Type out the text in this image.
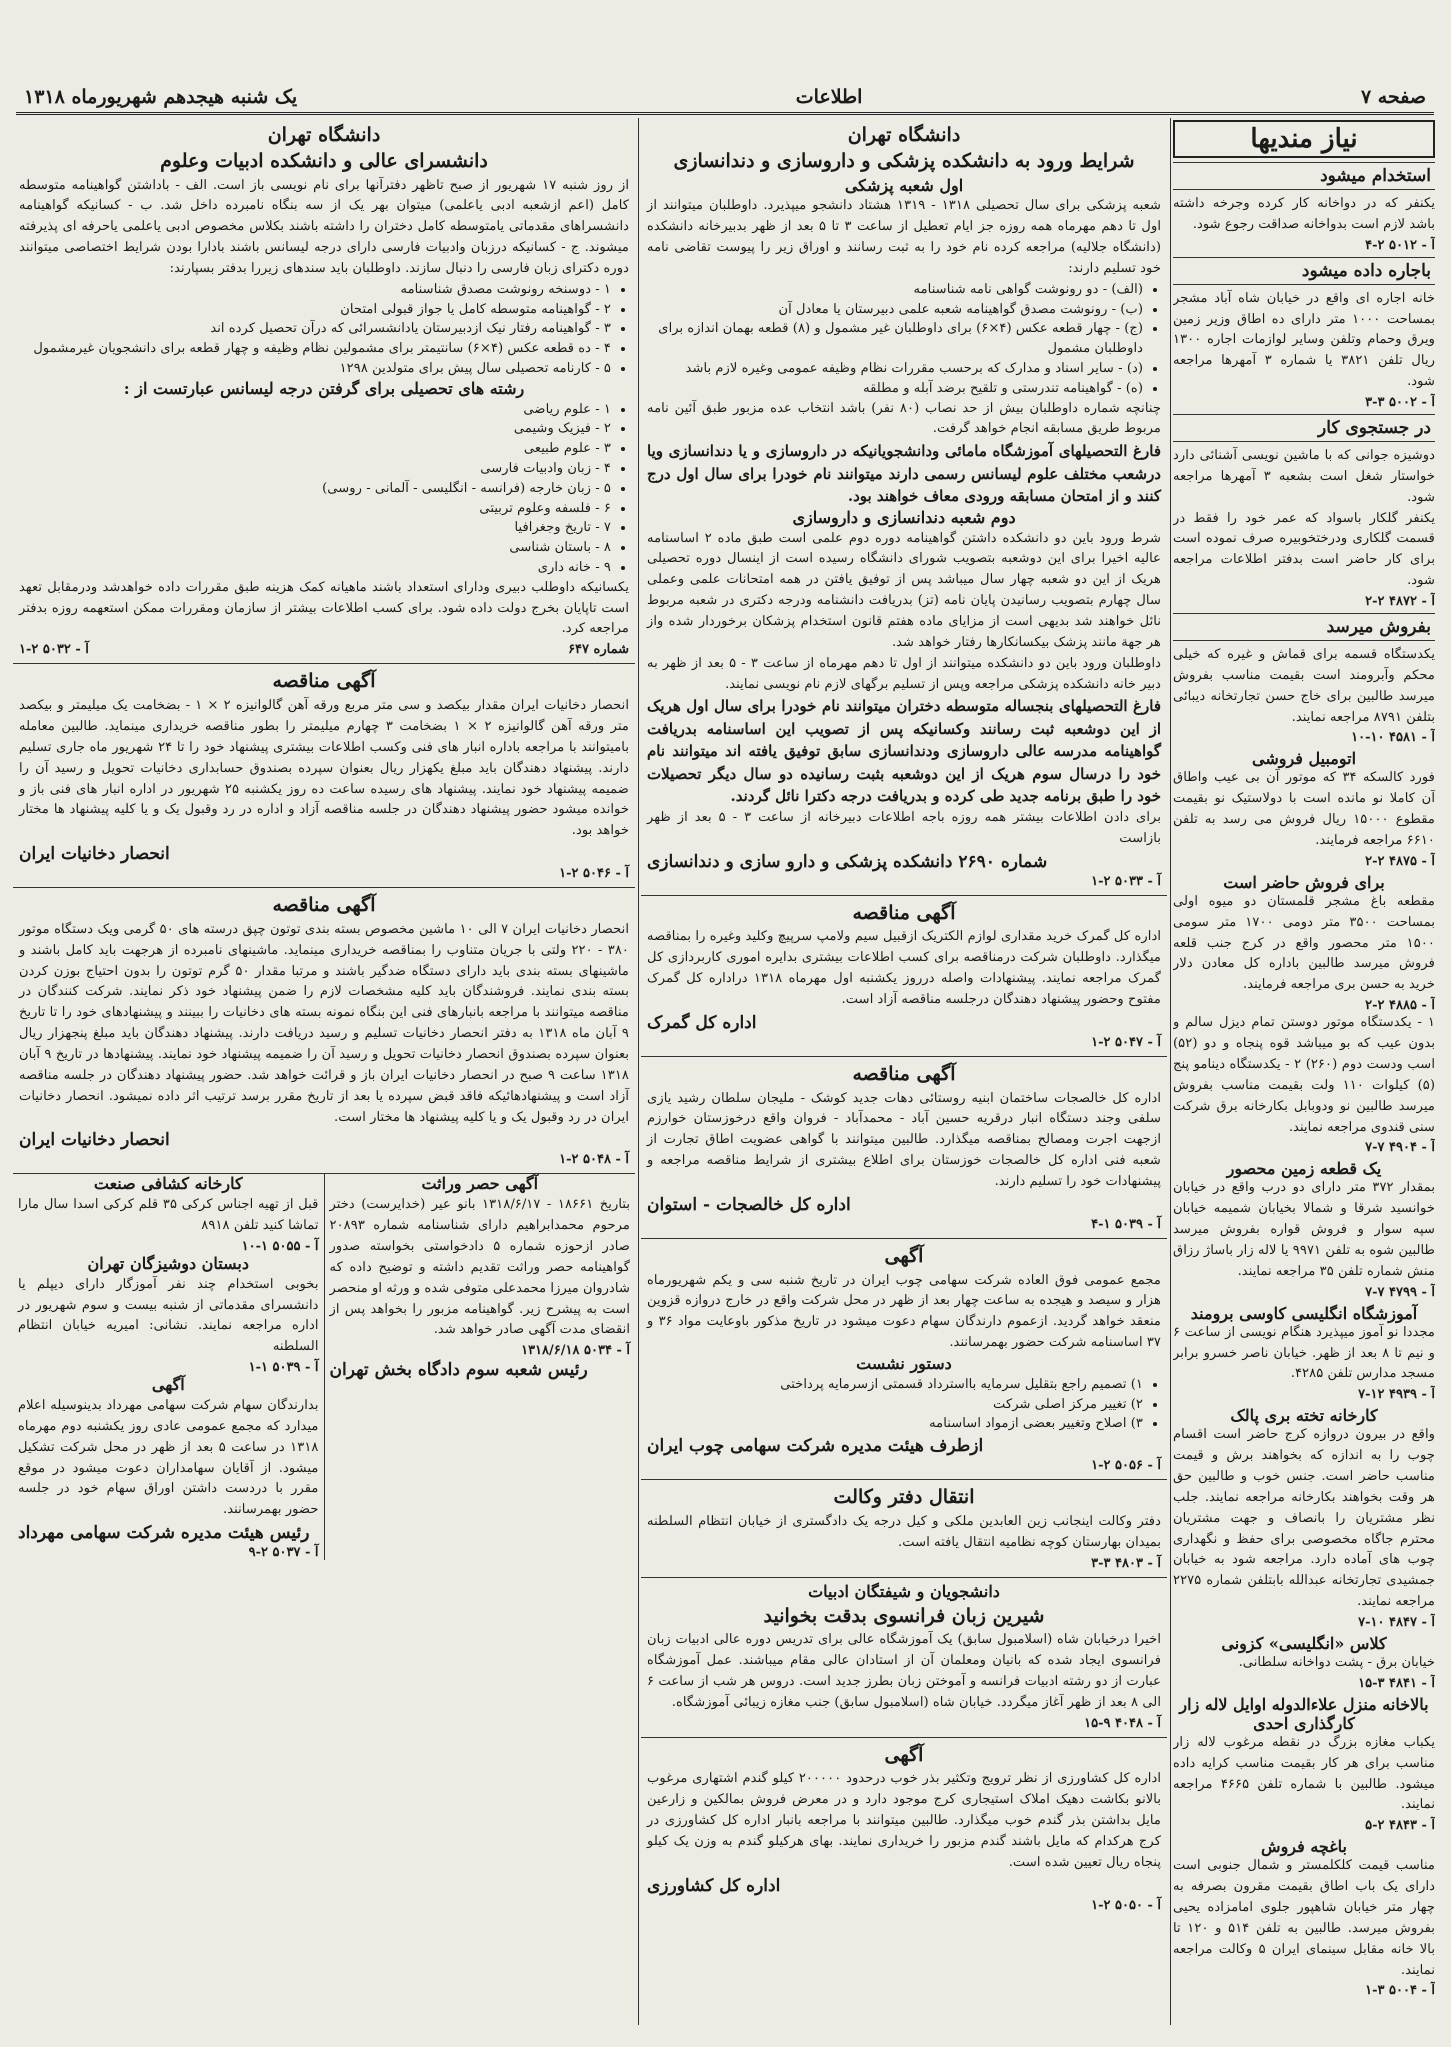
صفحه ۷
اطلاعات
یک شنبه هیجدهم شهریورماه ۱۳۱۸
نیاز مندیها
استخدام میشود
یکنفر که در دواخانه کار کرده وجرخه داشته باشد لازم است بدواخانه صداقت رجوع شود.
آ - ۵۰۱۲ ۲-۴
باجاره داده میشود
خانه اجاره ای واقع در خیابان شاه آباد مشجر بمساحت ۱۰۰۰ متر دارای ده اطاق وزیر زمین ویرق وحمام وتلفن وسایر لوازمات اجاره ۱۳۰۰ ریال تلفن ۳۸۲۱ یا شماره ۳ آمهرها مراجعه شود.
آ - ۵۰۰۲ ۳-۳
در جستجوی کار
دوشیزه جوانی که با ماشین نویسی آشنائی دارد خواستار شغل است بشعبه ۳ آمهرها مراجعه شود.
یکنفر گلکار باسواد که عمر خود را فقط در قسمت گلکاری ودرختخوبیره صرف نموده است برای کار حاضر است بدفتر اطلاعات مراجعه شود.
آ - ۴۸۷۲ ۲-۲
بفروش میرسد
یکدستگاه قسمه برای قماش و غیره که خیلی محکم وآبرومند است بقیمت مناسب بفروش میرسد طالبین برای خاج حسن تجارتخانه دیبائی بتلفن ۸۷۹۱ مراجعه نمایند.
آ - ۴۵۸۱ ۱۰-۱۰
اتومبیل فروشی
فورد کالسکه ۳۴ که موتور آن بی عیب واطاق آن کاملا نو مانده است با دولاستیک نو بقیمت مقطوع ۱۵۰۰۰ ریال فروش می رسد به تلفن ۶۶۱۰ مراجعه فرمایند.
آ - ۴۸۷۵ ۲-۲
برای فروش حاضر است
مقطعه باغ مشجر قلمستان دو میوه اولی بمساحت ۳۵۰۰ متر دومی ۱۷۰۰ متر سومی ۱۵۰۰ متر محصور واقع در کرج جنب قلعه فروش میرسد طالبین باداره کل معادن دلار خرید به حسن بری مراجعه فرمایند.
آ - ۴۸۸۵ ۲-۲
۱ - یکدستگاه موتور دوستن تمام دیزل سالم و بدون عیب که بو میباشد قوه پنجاه و دو (۵۲) اسب ودست دوم (۲۶۰) ۲ - یکدستگاه دینامو پنج (۵) کیلوات ۱۱۰ ولت بقیمت مناسب بفروش میرسد طالبین نو ودوبابل بکارخانه برق شرکت سنی قندوی مراجعه نمایند.
آ - ۴۹۰۴ ۷-۷
یک قطعه زمین محصور
بمقدار ۳۷۲ متر دارای دو درب واقع در خیابان خوانسید شرقا و شمالا بخیابان شمیمه خیابان سپه سوار و فروش قواره بفروش میرسد طالبین شوه به تلفن ۹۹۷۱ یا لاله زار باساژ رزاق منش شماره تلفن ۳۵ مراجعه نمایند.
آ - ۴۷۹۹ ۷-۷
آموزشگاه انگلیسی کاوسی برومند
مجددا نو آموز میپذیرد هنگام نویسی از ساعت ۶ و نیم تا ۸ بعد از ظهر. خیابان ناصر خسرو برابر مسجد مدارس تلفن ۴۲۸۵.
آ - ۴۹۳۹ ۱۲-۷
کارخانه تخته بری پالک
واقع در بیرون دروازه کرج حاضر است اقسام چوب را به اندازه که بخواهند برش و قیمت مناسب حاضر است. جنس خوب و طالبین حق هر وقت بخواهند بکارخانه مراجعه نمایند. جلب نظر مشتریان را بانصاف و جهت مشتریان محترم جاگاه مخصوصی برای حفظ و نگهداری چوب های آماده دارد. مراجعه شود به خیابان جمشیدی تجارتخانه عبدالله بابتلفن شماره ۲۲۷۵ مراجعه نمایند.
آ - ۴۸۴۷ ۱۰-۷
کلاس «انگلیسی» کزونی
خیابان برق - پشت دواخانه سلطانی.
آ - ۴۸۴۱ ۳-۱۵
بالاخانه منزل علاءالدوله اوایل لاله زار کارگذاری احدی
یکباب مغازه بزرگ در نقطه مرغوب لاله زار مناسب برای هر کار بقیمت مناسب کرایه داده میشود. طالبین با شماره تلفن ۴۶۶۵ مراجعه نمایند.
آ - ۴۸۴۳ ۲-۵
باغچه فروش
مناسب قیمت کلکلمستر و شمال جنوبی است دارای یک باب اطاق بقیمت مقرون بصرفه به چهار متر خیابان شاهپور جلوی امامزاده یحیی بفروش میرسد. طالبین به تلفن ۵۱۴ و ۱۲۰ تا بالا خانه مقابل سینمای ایران ۵ وکالت مراجعه نمایند.
آ - ۵۰۰۴ ۳-۱
دانشگاه تهران
شرایط ورود به دانشکده پزشکی و داروسازی و دندانسازی
اول شعبه پزشکی
شعبه پزشکی برای سال تحصیلی ۱۳۱۸ - ۱۳۱۹ هشتاد دانشجو میپذیرد. داوطلبان میتوانند از اول تا دهم مهرماه همه روزه جز ایام تعطیل از ساعت ۳ تا ۵ بعد از ظهر بدبیرخانه دانشکده (دانشگاه جلالیه) مراجعه کرده نام خود را به ثبت رسانند و اوراق زیر را پیوست تقاضی نامه خود تسلیم دارند:
• (الف) - دو رونوشت گواهی نامه شناسنامه
• (ب) - رونوشت مصدق گواهینامه شعبه علمی دبیرستان یا معادل آن
• (ج) - چهار قطعه عکس (۴×۶) برای داوطلبان غیر مشمول و (۸) قطعه بهمان اندازه برای داوطلبان مشمول
• (د) - سایر اسناد و مدارک که برحسب مقررات نظام وظیفه عمومی وغیره لازم باشد
• (ه) - گواهینامه تندرستی و تلقیح برضد آبله و مطلقه
چنانچه شماره داوطلبان بیش از حد نصاب (۸۰ نفر) باشد انتخاب عده مزبور طبق آئین نامه مربوط طریق مسابقه انجام خواهد گرفت.
فارغ التحصیلهای آموزشگاه مامائی ودانشجویانیکه در داروسازی و یا دندانسازی ویا درشعب مختلف علوم لیسانس رسمی دارند میتوانند نام خودرا برای سال اول درج کنند و از امتحان مسابقه ورودی معاف خواهند بود.
دوم شعبه دندانسازی و داروسازی
شرط ورود باین دو دانشکده داشتن گواهینامه دوره دوم علمی است طبق ماده ۲ اساسنامه عالیه اخیرا برای این دوشعبه بتصویب شورای دانشگاه رسیده است از اینسال دوره تحصیلی هریک از این دو شعبه چهار سال میباشد پس از توفیق یافتن در همه امتحانات علمی وعملی سال چهارم بتصویب رسانیدن پایان نامه (تز) بدریافت دانشنامه ودرجه دکتری در شعبه مربوط نائل خواهند شد بدیهی است از مزایای ماده هفتم قانون استخدام پزشکان برخوردار شده واز هر جهة مانند پزشک بیکسانکارها رفتار خواهد شد.
داوطلبان ورود باین دو دانشکده میتوانند از اول تا دهم مهرماه از ساعت ۳ - ۵ بعد از ظهر به دبیر خانه دانشکده پزشکی مراجعه وپس از تسلیم برگهای لازم نام نویسی نمایند.
فارغ التحصیلهای بنجساله متوسطه دختران میتوانند نام خودرا برای سال اول هریک از این دوشعبه ثبت رسانند وکسانیکه پس از تصویب این اساسنامه بدریافت گواهینامه مدرسه عالی داروسازی ودندانسازی سابق توفیق یافته اند میتوانند نام خود را درسال سوم هریک از این دوشعبه بثبت رسانیده دو سال دیگر تحصیلات خود را طبق برنامه جدید طی کرده و بدریافت درجه دکترا نائل گردند.
برای دادن اطلاعات بیشتر همه روزه باجه اطلاعات دبیرخانه از ساعت ۳ - ۵ بعد از ظهر بازاست
شماره ۲۶۹۰ دانشکده پزشکی و دارو سازی و دندانسازی
آ - ۵۰۳۳ ۲-۱
آگهی مناقصه
اداره کل گمرک خرید مقداری لوازم الکتریک ازقبیل سیم ولامپ سرپیچ وکلید وغیره را بمناقصه میگذارد. داوطلبان شرکت درمناقصه برای کسب اطلاعات بیشتری بدایره اموری کاربردازی کل گمرک مراجعه نمایند. پیشنهادات واصله درروز یکشنبه اول مهرماه ۱۳۱۸ دراداره کل گمرک مفتوح وحضور پیشنهاد دهندگان درجلسه مناقصه آزاد است.
اداره کل گمرک
آ - ۵۰۴۷ ۲-۱
آگهی مناقصه
اداره کل خالصجات ساختمان ابنیه روستائی دهات جدید کوشک - ملیجان سلطان رشید یازی سلفی وجند دستگاه انبار درقریه حسین آباد - محمدآباد - فروان واقع درخوزستان خوارزم ازجهت اجرت ومصالح بمناقصه میگذارد. طالبین میتوانند با گواهی عضویت اطاق تجارت از شعبه فنی اداره کل خالصجات خوزستان برای اطلاع بیشتری از شرایط مناقصه مراجعه و پیشنهادات خود را تسلیم دارند.
اداره کل خالصجات - استوان
آ - ۵۰۳۹ ۱-۴
آگهی
مجمع عمومی فوق العاده شرکت سهامی چوب ایران در تاریخ شنبه سی و یکم شهریورماه هزار و سیصد و هیجده به ساعت چهار بعد از ظهر در محل شرکت واقع در خارج دروازه قزوین منعقد خواهد گردید. ازعموم دارندگان سهام دعوت میشود در تاریخ مذکور باوعایت مواد ۳۶ و ۳۷ اساسنامه شرکت حضور بهمرسانند.
دستور نشست
• ۱) تصمیم راجع بتقلیل سرمایه بااسترداد قسمتی ازسرمایه پرداختی
• ۲) تغییر مرکز اصلی شرکت
• ۳) اصلاح وتغییر بعضی ازمواد اساسنامه
ازطرف هیئت مدیره شرکت سهامی چوب ایران
آ - ۵۰۵۶ ۲-۱
انتقال دفتر وکالت
دفتر وکالت اینجانب زین العابدین ملکی و کیل درجه یک دادگستری از خیابان انتظام السلطنه بمیدان بهارستان کوچه نظامیه انتقال یافته است.
آ - ۴۸۰۳ ۳-۳
دانشجویان و شیفتگان ادبیات
شیرین زبان فرانسوی بدقت بخوانید
اخیرا درخیابان شاه (اسلامبول سابق) یک آموزشگاه عالی برای تدریس دوره عالی ادبیات زبان فرانسوی ایجاد شده که بانیان ومعلمان آن از استادان عالی مقام میباشند. عمل آموزشگاه عبارت از دو رشته ادبیات فرانسه و آموختن زبان بطرز جدید است. دروس هر شب از ساعت ۶ الی ۸ بعد از ظهر آغاز میگردد. خیابان شاه (اسلامبول سابق) جنب مغازه زیبائی آموزشگاه.
آ - ۴۰۴۸ ۹-۱۵
آگهی
اداره کل کشاورزی از نظر ترویج وتکثیر بذر خوب درحدود ۲۰۰۰۰۰ کیلو گندم اشتهاری مرغوب بالانو بکاشت دهیک املاک استیجاری کرج موجود دارد و در معرض فروش بمالکین و زارعین مایل بداشتن بذر گندم خوب میگذارد. طالبین میتوانند با مراجعه بانبار اداره کل کشاورزی در کرج هرکدام که مایل باشند گندم مزبور را خریداری نمایند. بهای هرکیلو گندم به وزن یک کیلو پنجاه ریال تعیین شده است.
اداره کل کشاورزی
آ - ۵۰۵۰ ۲-۱
دانشگاه تهران
دانشسرای عالی و دانشکده ادبیات وعلوم
از روز شنبه ۱۷ شهریور از صبح تاظهر دفترآنها برای نام نویسی باز است. الف - باداشتن گواهینامه متوسطه کامل (اعم ازشعبه ادبی یاعلمی) میتوان بهر یک از سه بنگاه نامبرده داخل شد. ب - کسانیکه گواهینامه دانشسراهای مقدماتی یامتوسطه کامل دختران را داشته باشند بکلاس مخصوص ادبی یاعلمی یاحرفه ای پذیرفته میشوند. ج - کسانیکه درزبان وادبیات فارسی دارای درجه لیسانس باشند بادارا بودن شرایط اختصاصی میتوانند دوره دکترای زبان فارسی را دنبال سازند. داوطلبان باید سندهای زیررا بدفتر بسپارند:
• ۱ - دوسنخه رونوشت مصدق شناسنامه
• ۲ - گواهینامه متوسطه کامل یا جواز قبولی امتحان
• ۳ - گواهینامه رفتار نیک ازدبیرستان یادانشسرائی که درآن تحصیل کرده اند
• ۴ - ده قطعه عکس (۴×۶) سانتیمتر برای مشمولین نظام وظیفه و چهار قطعه برای دانشجویان غیرمشمول
• ۵ - کارنامه تحصیلی سال پیش برای متولدین ۱۲۹۸
رشته های تحصیلی برای گرفتن درجه لیسانس عبارتست از :
• ۱ - علوم ریاضی
• ۲ - فیزیک وشیمی
• ۳ - علوم طبیعی
• ۴ - زبان وادبیات فارسی
• ۵ - زبان خارجه (فرانسه - انگلیسی - آلمانی - روسی)
• ۶ - فلسفه وعلوم تربیتی
• ۷ - تاریخ وجغرافیا
• ۸ - باستان شناسی
• ۹ - خانه داری
یکسانیکه داوطلب دبیری ودارای استعداد باشند ماهیانه کمک هزینه طبق مقررات داده خواهدشد ودرمقابل تعهد است تاپایان بخرج دولت داده شود. برای کسب اطلاعات بیشتر از سازمان ومقررات ممکن استعهمه روزه بدفتر مراجعه کرد.
شماره ۶۴۷
آ - ۵۰۳۲ ۲-۱
آگهی مناقصه
انحصار دخانیات ایران مقدار بیکصد و سی متر مربع ورقه آهن گالوانیزه ۲ × ۱ - بضخامت یک میلیمتر و بیکصد متر ورقه آهن گالوانیزه ۲ × ۱ بضخامت ۳ چهارم میلیمتر را بطور مناقصه خریداری مینماید. طالبین معامله بامیتوانند با مراجعه باداره انبار های فنی وکسب اطلاعات بیشتری پیشنهاد خود را تا ۲۴ شهریور ماه جاری تسلیم دارند. پیشنهاد دهندگان باید مبلغ یکهزار ریال بعنوان سپرده بصندوق حسابداری دخانیات تحویل و رسید آن را ضمیمه پیشنهاد خود نمایند. پیشنهاد های رسیده ساعت ده روز یکشنبه ۲۵ شهریور در اداره انبار های فنی باز و خوانده میشود حضور پیشنهاد دهندگان در جلسه مناقصه آزاد و اداره در رد وقبول یک و یا کلیه پیشنهاد ها مختار خواهد بود.
انحصار دخانیات ایران
آ - ۵۰۴۶ ۲-۱
آگهی مناقصه
انحصار دخانیات ایران ۷ الی ۱۰ ماشین مخصوص بسته بندی توتون چپق درسته های ۵۰ گرمی ویک دستگاه موتور ۳۸۰ - ۲۲۰ ولتی با جریان متناوب را بمناقصه خریداری مینماید. ماشینهای نامبرده از هرجهت باید کامل باشند و ماشینهای بسته بندی باید دارای دستگاه ضدگیر باشند و مرتبا مقدار ۵۰ گرم توتون را بدون احتیاج بوزن کردن بسته بندی نمایند. فروشندگان باید کلیه مشخصات لازم را ضمن پیشنهاد خود ذکر نمایند. شرکت کنندگان در مناقصه میتوانند با مراجعه بانبارهای فنی این بنگاه نمونه بسته های دخانیات را ببینند و پیشنهادهای خود را تا تاریخ ۹ آبان ماه ۱۳۱۸ به دفتر انحصار دخانیات تسلیم و رسید دریافت دارند. پیشنهاد دهندگان باید مبلغ پنجهزار ریال بعنوان سپرده بصندوق انحصار دخانیات تحویل و رسید آن را ضمیمه پیشنهاد خود نمایند. پیشنهادها در تاریخ ۹ آبان ۱۳۱۸ ساعت ۹ صبح در انحصار دخانیات ایران باز و قرائت خواهد شد. حضور پیشنهاد دهندگان در جلسه مناقصه آزاد است و پیشنهادهائیکه فاقد قبض سپرده یا بعد از تاریخ مقرر برسد ترتیب اثر داده نمیشود. انحصار دخانیات ایران در رد وقبول یک و یا کلیه پیشنهاد ها مختار است.
انحصار دخانیات ایران
آ - ۵۰۴۸ ۲-۱
آگهی حصر وراثت
بتاریخ ۱۸۶۶۱ - ۱۳۱۸/۶/۱۷ بانو عیر (خدایرست) دختر مرحوم محمدابراهیم دارای شناسنامه شماره ۲۰۸۹۳ صادر ازحوزه شماره ۵ دادخواستی بخواسته صدور گواهینامه حصر وراثت تقدیم داشته و توضیح داده که شادروان میرزا محمدعلی متوفی شده و ورثه او منحصر است به پیشرح زیر. گواهینامه مزبور را بخواهد پس از انقضای مدت آگهی صادر خواهد شد.
آ - ۵۰۳۴ ۱۳۱۸/۶/۱۸
رئیس شعبه سوم دادگاه بخش تهران
کارخانه کشافی صنعت
قبل از تهیه اجناس کرکی ۳۵ قلم کرکی اسدا سال مارا تماشا کنید تلفن ۸۹۱۸
آ - ۵۰۵۵ ۱-۱۰
دبستان دوشیزگان تهران
بخوبی استخدام چند نفر آموزگار دارای دیپلم یا دانشسرای مقدماتی از شنبه بیست و سوم شهریور در اداره مراجعه نمایند. نشانی: امیریه خیابان انتظام السلطنه
آ - ۵۰۳۹ ۱-۱
آگهی
بدارندگان سهام شرکت سهامی مهرداد بدینوسیله اعلام میدارد که مجمع عمومی عادی روز یکشنبه دوم مهرماه ۱۳۱۸ در ساعت ۵ بعد از ظهر در محل شرکت تشکیل میشود. از آقایان سهامداران دعوت میشود در موقع مقرر با دردست داشتن اوراق سهام خود در جلسه حضور بهمرسانند.
رئیس هیئت مدیره شرکت سهامی مهرداد
آ - ۵۰۳۷ ۲-۹
